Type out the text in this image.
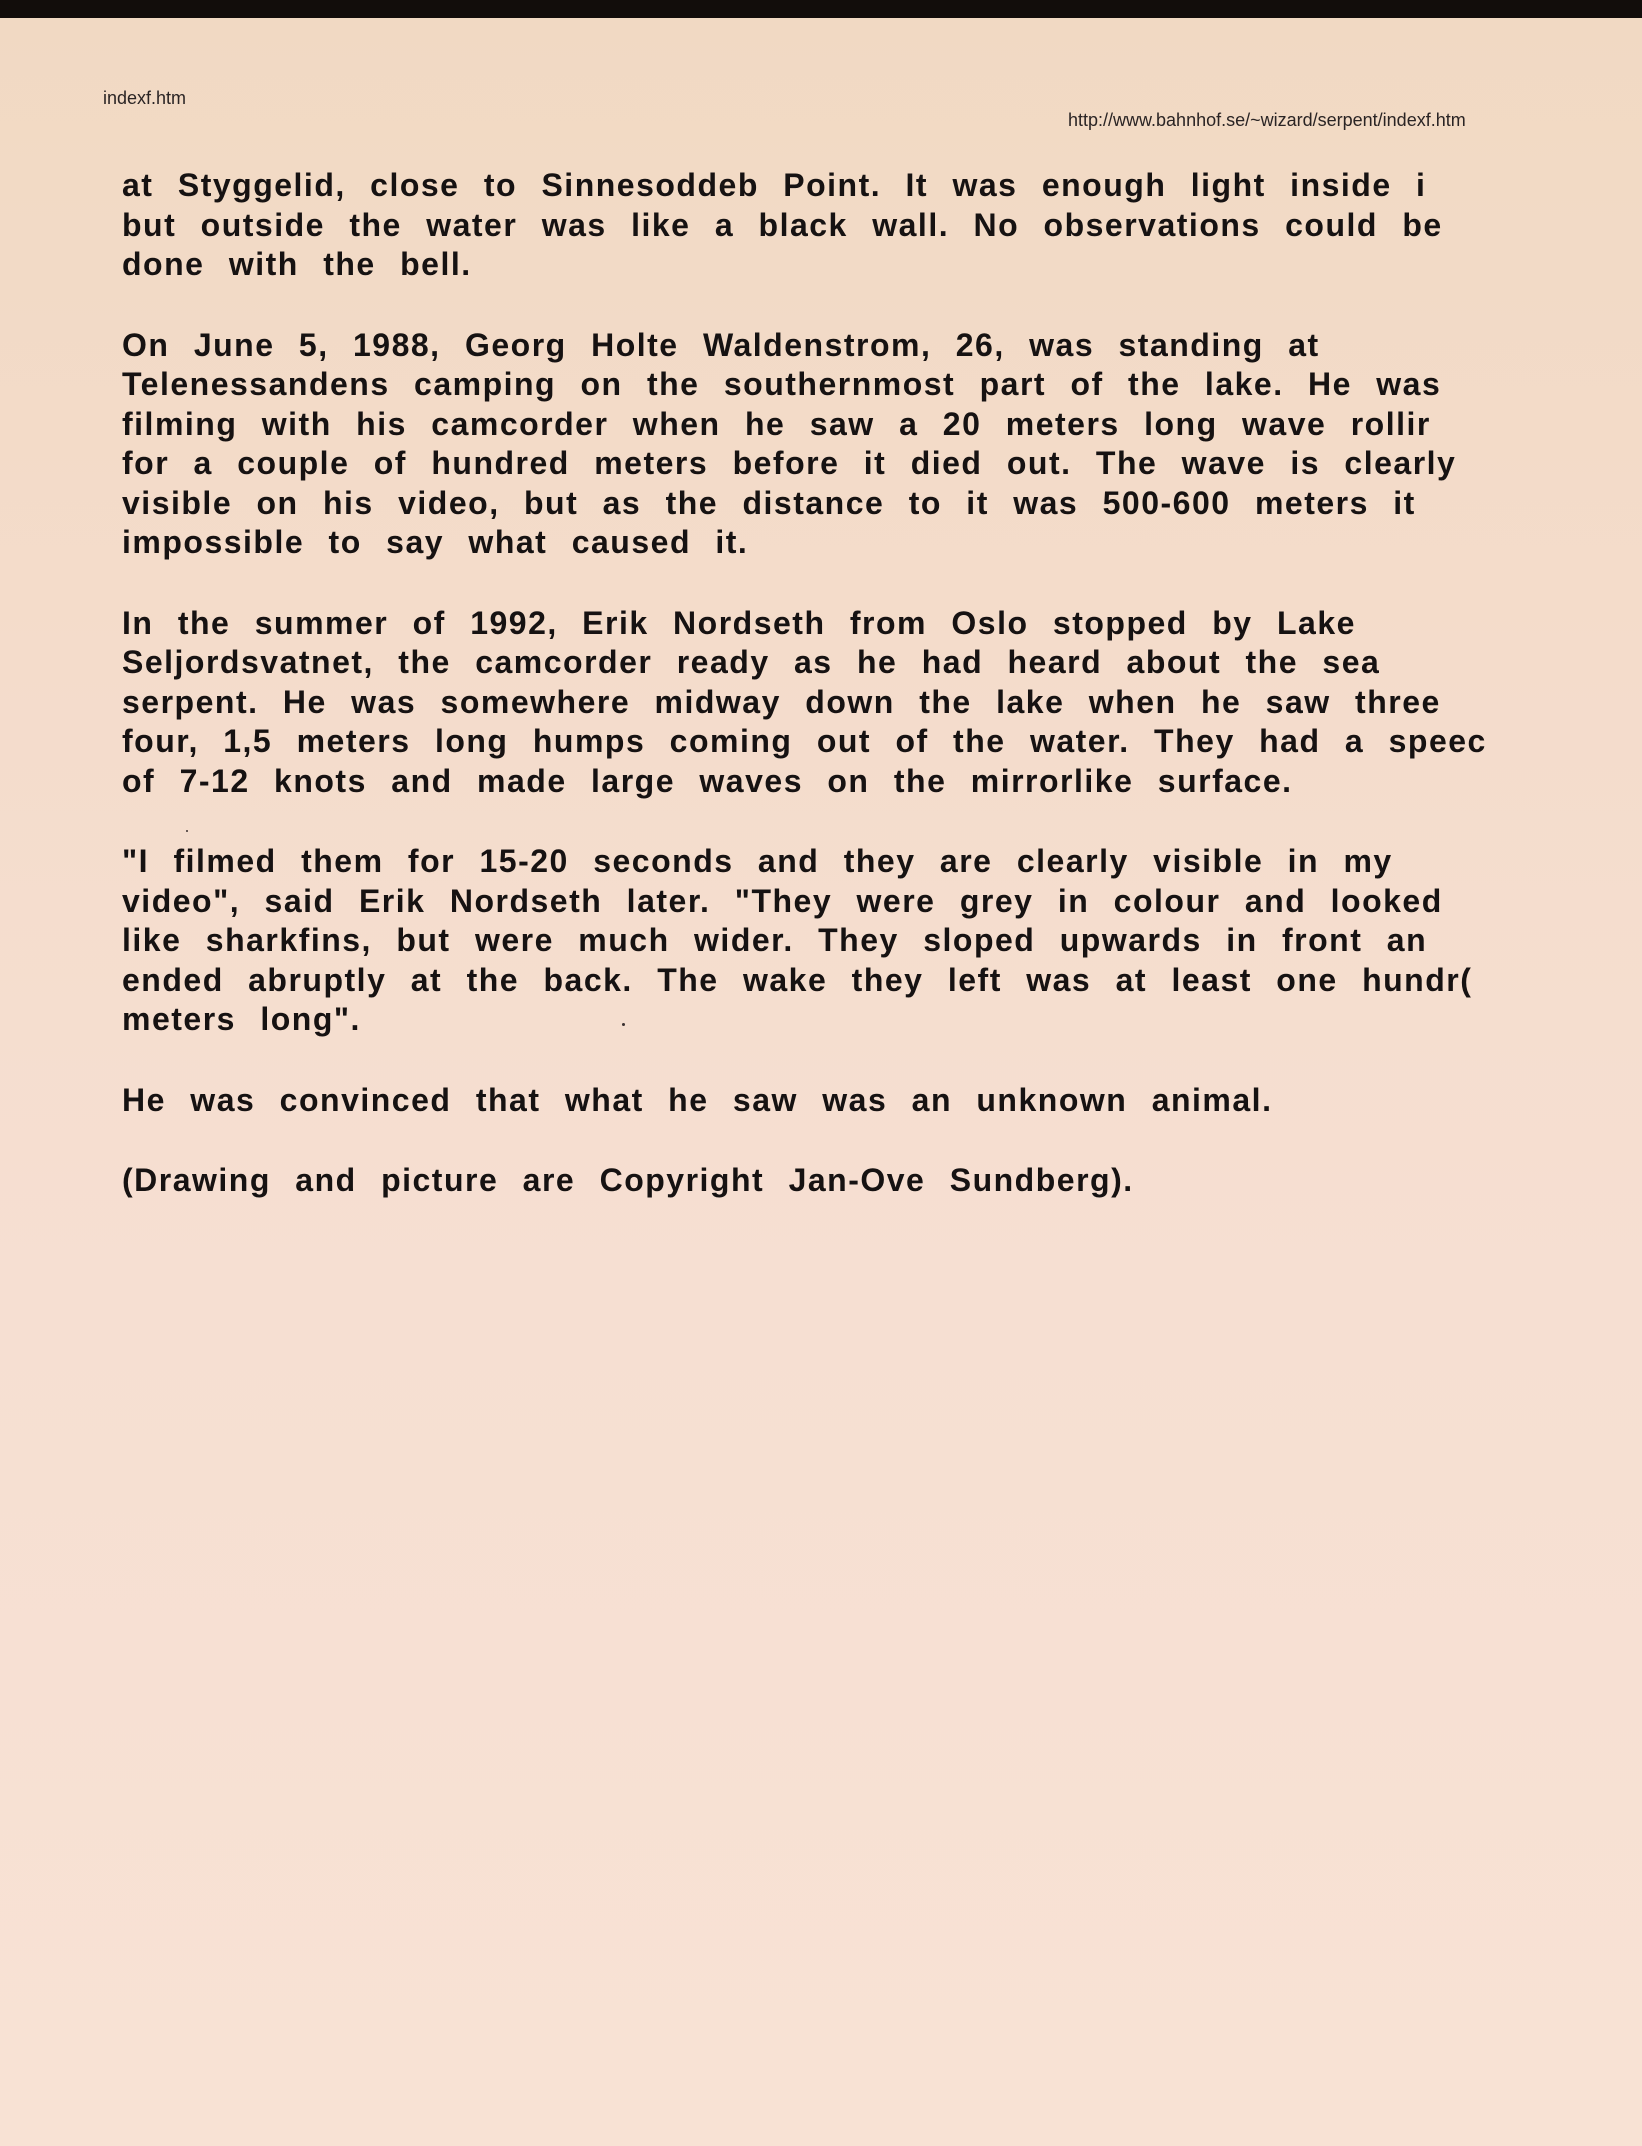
indexf.htm
http://www.bahnhof.se/~wizard/serpent/indexf.htm

at Styggelid, close to Sinnesoddeb Point. It was enough light inside i
but outside the water was like a black wall. No observations could be
done with the bell.

On June 5, 1988, Georg Holte Waldenstrom, 26, was standing at
Telenessandens camping on the southernmost part of the lake. He was
filming with his camcorder when he saw a 20 meters long wave rollir
for a couple of hundred meters before it died out. The wave is clearly
visible on his video, but as the distance to it was 500-600 meters it
impossible to say what caused it.

In the summer of 1992, Erik Nordseth from Oslo stopped by Lake
Seljordsvatnet, the camcorder ready as he had heard about the sea
serpent. He was somewhere midway down the lake when he saw three
four, 1,5 meters long humps coming out of the water. They had a speec
of 7-12 knots and made large waves on the mirrorlike surface.

"I filmed them for 15-20 seconds and they are clearly visible in my
video", said Erik Nordseth later. "They were grey in colour and looked
like sharkfins, but were much wider. They sloped upwards in front an
ended abruptly at the back. The wake they left was at least one hundr(
meters long".

He was convinced that what he saw was an unknown animal.

(Drawing and picture are Copyright Jan-Ove Sundberg).
